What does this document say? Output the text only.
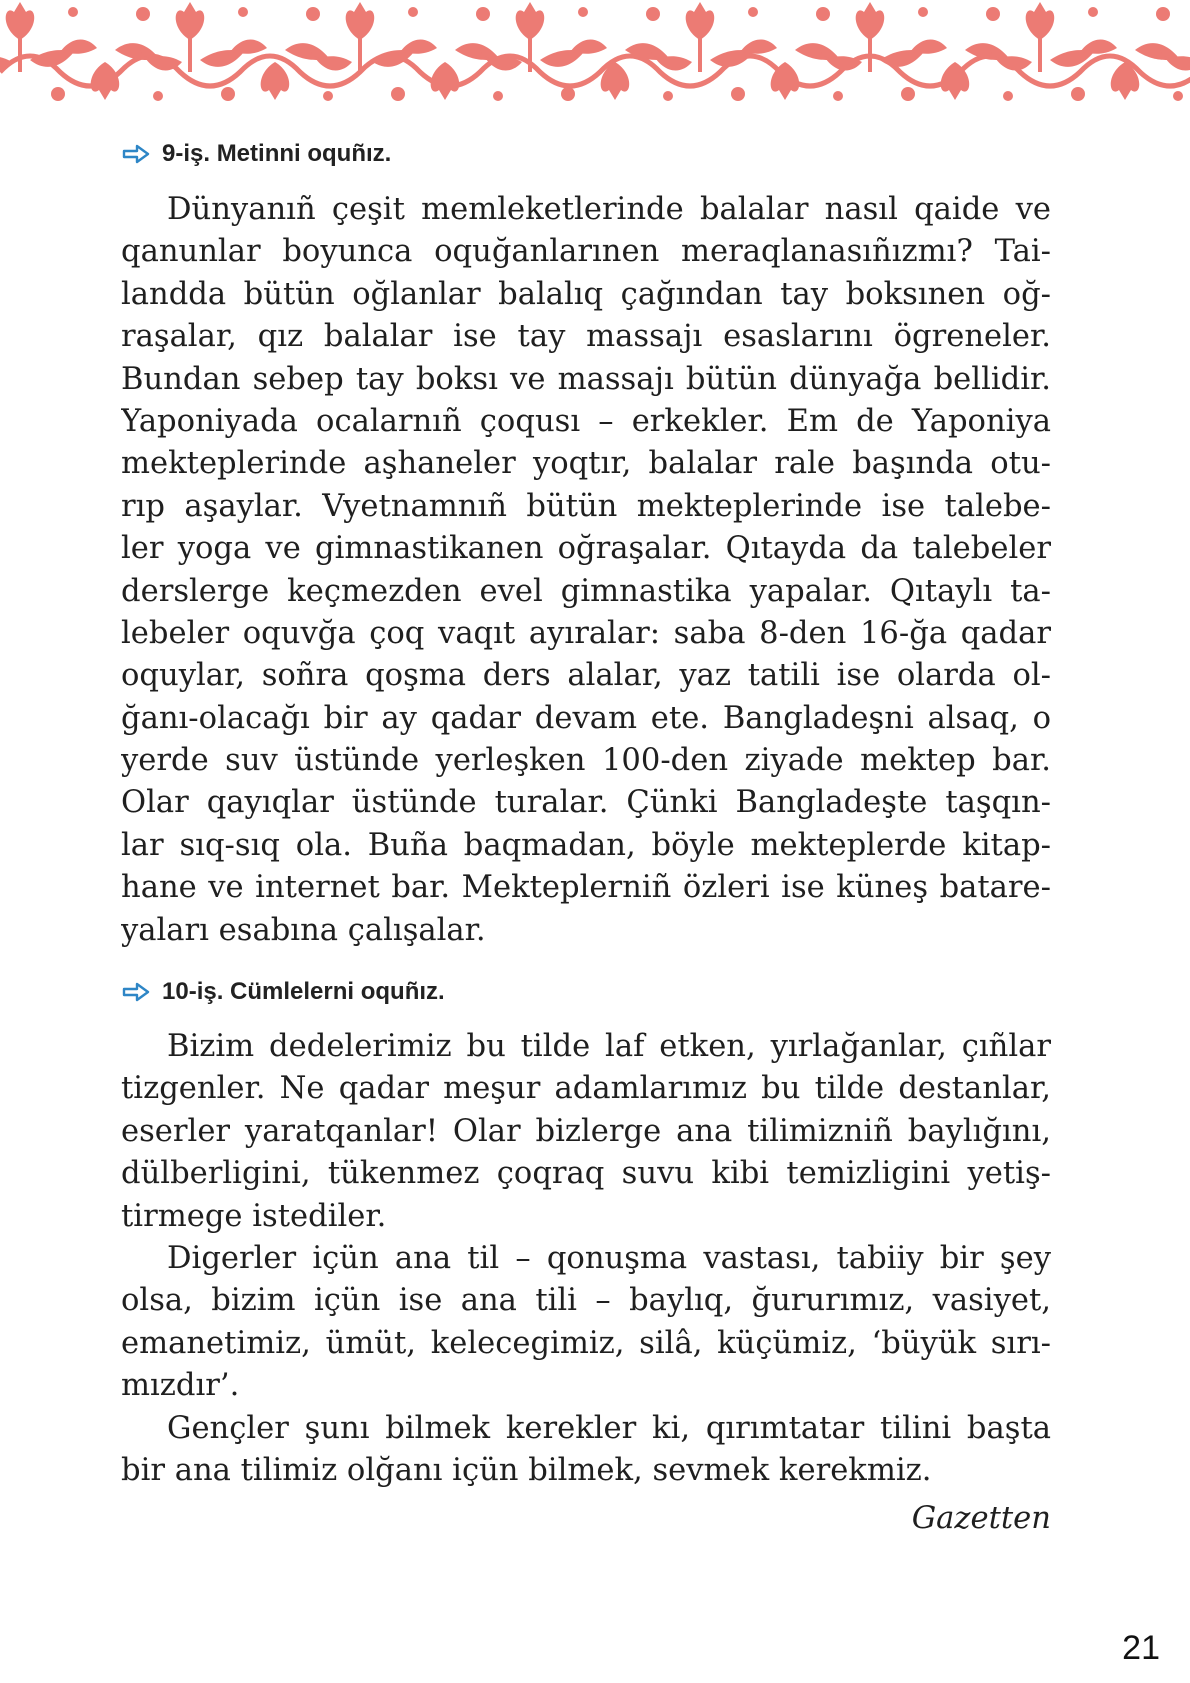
9-iş. Metinni oquñız.
Dünyanıñ çeşit memleketlerinde balalar nasıl qaide ve
qanunlar boyunca oquğanlarınen meraqlanasıñızmı? Tai-
landda bütün oğlanlar balalıq çağından tay boksınen oğ-
raşalar, qız balalar ise tay massajı esaslarını ögreneler.
Bundan sebep tay boksı ve massajı bütün dünyağa bellidir.
Yaponiyada ocalarnıñ çoqusı – erkekler. Em de Yaponiya
mekteplerinde aşhaneler yoqtır, balalar rale başında otu-
rıp aşaylar. Vyetnamnıñ bütün mekteplerinde ise talebe-
ler yoga ve gimnastikanen oğraşalar. Qıtayda da talebeler
derslerge keçmezden evel gimnastika yapalar. Qıtaylı ta-
lebeler oquvğa çoq vaqıt ayıralar: saba 8-den 16-ğa qadar
oquylar, soñra qoşma ders alalar, yaz tatili ise olarda ol-
ğanı-olacağı bir ay qadar devam ete. Bangladeşni alsaq, o
yerde suv üstünde yerleşken 100-den ziyade mektep bar.
Olar qayıqlar üstünde turalar. Çünki Bangladeşte taşqın-
lar sıq-sıq ola. Buña baqmadan, böyle mekteplerde kitap-
hane ve internet bar. Mekteplerniñ özleri ise küneş batare-
yaları esabına çalışalar.
10-iş. Cümlelerni oquñız.
Bizim dedelerimiz bu tilde laf etken, yırlağanlar, çıñlar
tizgenler. Ne qadar meşur adamlarımız bu tilde destanlar,
eserler yaratqanlar! Olar bizlerge ana tilimizniñ baylığını,
dülberligini, tükenmez çoqraq suvu kibi temizligini yetiş-
tirmege istediler.
Digerler içün ana til – qonuşma vastası, tabiiy bir şey
olsa, bizim içün ise ana tili – baylıq, ğururımız, vasiyet,
emanetimiz, ümüt, kelecegimiz, silâ, küçümiz, ‘büyük sırı-
mızdır’.
Gençler şunı bilmek kerekler ki, qırımtatar tilini başta
bir ana tilimiz olğanı içün bilmek, sevmek kerekmiz.
Gazetten
21
